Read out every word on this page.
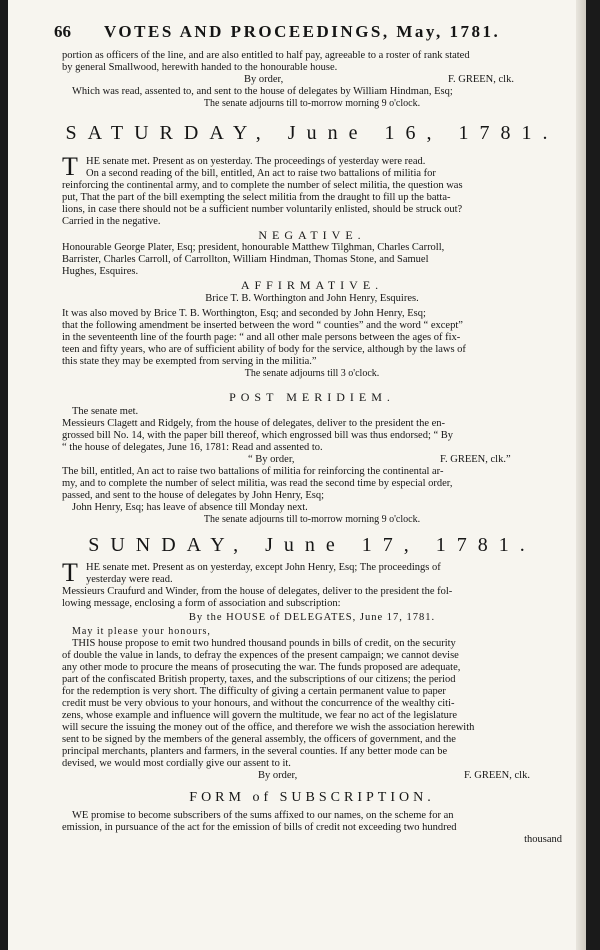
66 VOTES AND PROCEEDINGS, May, 1781.
portion as officers of the line, and are also entitled to half pay, agreeable to a roster of rank stated
by general Smallwood, herewith handed to the honourable house.
By order,	F. GREEN, clk.
Which was read, assented to, and sent to the house of delegates by William Hindman, Esq;
The senate adjourns till to-morrow morning 9 o'clock.
SATURDAY, June 16, 1781.
T HE senate met. Present as on yesterday. The proceedings of yesterday were read.
On a second reading of the bill, entitled, An act to raise two battalions of militia for
reinforcing the continental army, and to complete the number of select militia, the question was
put, That the part of the bill exempting the select militia from the draught to fill up the batta-
lions, in case there should not be a sufficient number voluntarily enlisted, should be struck out?
Carried in the negative.
NEGATIVE.
Honourable George Plater, Esq; president, honourable Matthew Tilghman, Charles Carroll,
Barrister, Charles Carroll, of Carrollton, William Hindman, Thomas Stone, and Samuel
Hughes, Esquires.
AFFIRMATIVE.
Brice T. B. Worthington and John Henry, Esquires.
It was also moved by Brice T. B. Worthington, Esq; and seconded by John Henry, Esq;
that the following amendment be inserted between the word “ counties” and the word “ except”
in the seventeenth line of the fourth page: “ and all other male persons between the ages of fix-
teen and fifty years, who are of sufficient ability of body for the service, although by the laws of
this state they may be exempted from serving in the militia.”
The senate adjourns till 3 o'clock.
POST MERIDIEM.
The senate met.
Messieurs Clagett and Ridgely, from the house of delegates, deliver to the president the en-
grossed bill No. 14, with the paper bill thereof, which engrossed bill was thus endorsed; “ By
“ the house of delegates, June 16, 1781: Read and assented to.
“ By order,	F. GREEN, clk.”
The bill, entitled, An act to raise two battalions of militia for reinforcing the continental ar-
my, and to complete the number of select militia, was read the second time by especial order,
passed, and sent to the house of delegates by John Henry, Esq;
John Henry, Esq; has leave of absence till Monday next.
The senate adjourns till to-morrow morning 9 o'clock.
SUNDAY, June 17, 1781.
T HE senate met. Present as on yesterday, except John Henry, Esq; The proceedings of
yesterday were read.
Messieurs Craufurd and Winder, from the house of delegates, deliver to the president the fol-
lowing message, enclosing a form of association and subscription:
By the HOUSE of DELEGATES, June 17, 1781.
May it please your honours,
THIS house propose to emit two hundred thousand pounds in bills of credit, on the security
of double the value in lands, to defray the expences of the present campaign; we cannot devise
any other mode to procure the means of prosecuting the war. The funds proposed are adequate,
part of the confiscated British property, taxes, and the subscriptions of our citizens; the period
for the redemption is very short. The difficulty of giving a certain permanent value to paper
credit must be very obvious to your honours, and without the concurrence of the wealthy citi-
zens, whose example and influence will govern the multitude, we fear no act of the legislature
will secure the issuing the money out of the office, and therefore we wish the association herewith
sent to be signed by the members of the general assembly, the officers of government, and the
principal merchants, planters and farmers, in the several counties. If any better mode can be
devised, we would most cordially give our assent to it.
By order,	F. GREEN, clk.
FORM of SUBSCRIPTION.
WE promise to become subscribers of the sums affixed to our names, on the scheme for an
emission, in pursuance of the act for the emission of bills of credit not exceeding two hundred
thousand
